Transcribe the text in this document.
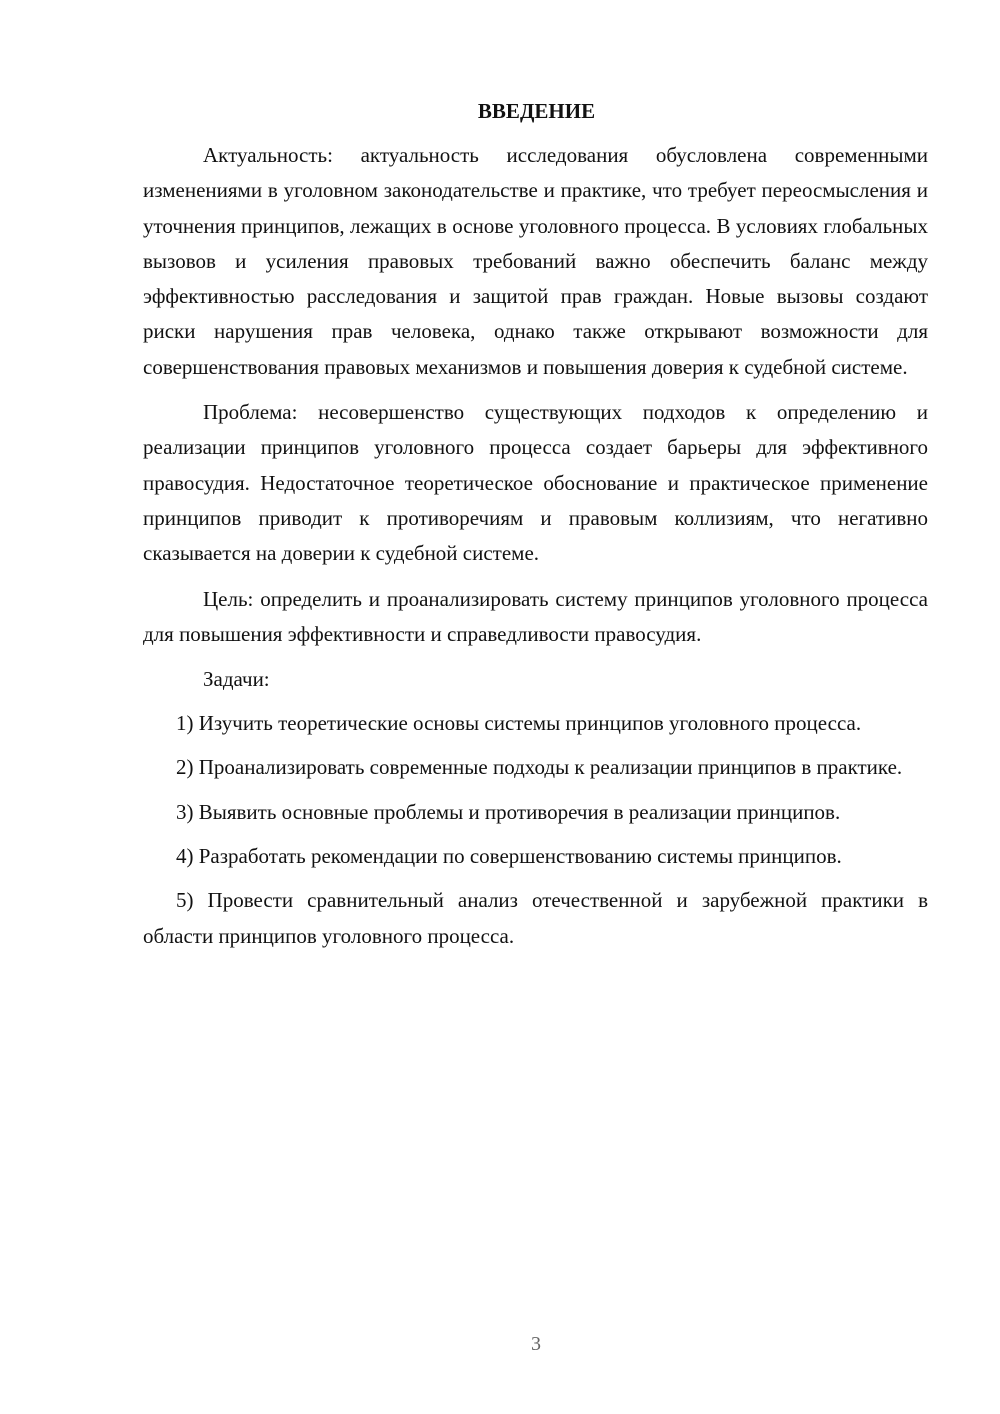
ВВЕДЕНИЕ

Актуальность: актуальность исследования обусловлена современными изменениями в уголовном законодательстве и практике, что требует переосмысления и уточнения принципов, лежащих в основе уголовного процесса. В условиях глобальных вызовов и усиления правовых требований важно обеспечить баланс между эффективностью расследования и защитой прав граждан. Новые вызовы создают риски нарушения прав человека, однако также открывают возможности для совершенствования правовых механизмов и повышения доверия к судебной системе.

Проблема: несовершенство существующих подходов к определению и реализации принципов уголовного процесса создает барьеры для эффективного правосудия. Недостаточное теоретическое обоснование и практическое применение принципов приводит к противоречиям и правовым коллизиям, что негативно сказывается на доверии к судебной системе.

Цель: определить и проанализировать систему принципов уголовного процесса для повышения эффективности и справедливости правосудия.

Задачи:

1) Изучить теоретические основы системы принципов уголовного процесса.

2) Проанализировать современные подходы к реализации принципов в практике.

3) Выявить основные проблемы и противоречия в реализации принципов.

4) Разработать рекомендации по совершенствованию системы принципов.

5) Провести сравнительный анализ отечественной и зарубежной практики в области принципов уголовного процесса.

3
